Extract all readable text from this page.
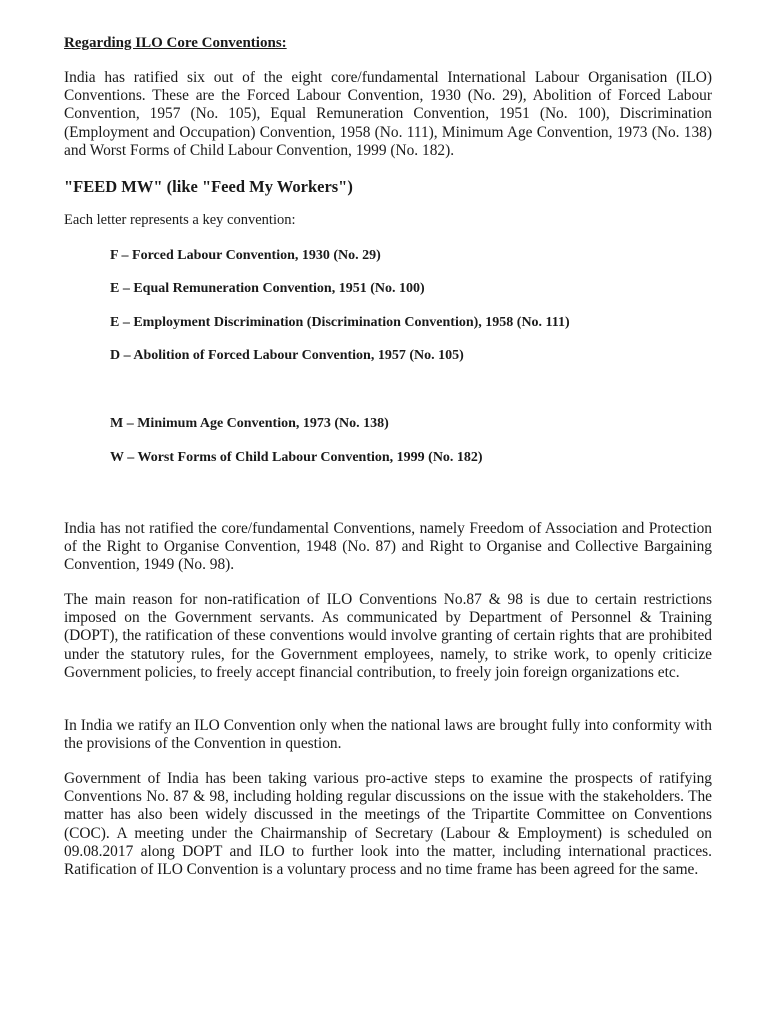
Regarding ILO Core Conventions:

India has ratified six out of the eight core/fundamental International Labour Organisation (ILO) Conventions. These are the Forced Labour Convention, 1930 (No. 29), Abolition of Forced Labour Convention, 1957 (No. 105), Equal Remuneration Convention, 1951 (No. 100), Discrimination (Employment and Occupation) Convention, 1958 (No. 111), Minimum Age Convention, 1973 (No. 138) and Worst Forms of Child Labour Convention, 1999 (No. 182).

"FEED MW" (like "Feed My Workers")
Each letter represents a key convention:
F – Forced Labour Convention, 1930 (No. 29)
E – Equal Remuneration Convention, 1951 (No. 100)
E – Employment Discrimination (Discrimination Convention), 1958 (No. 111)
D – Abolition of Forced Labour Convention, 1957 (No. 105)
M – Minimum Age Convention, 1973 (No. 138)
W – Worst Forms of Child Labour Convention, 1999 (No. 182)

India has not ratified the core/fundamental Conventions, namely Freedom of Association and Protection of the Right to Organise Convention, 1948 (No. 87) and Right to Organise and Collective Bargaining Convention, 1949 (No. 98).

The main reason for non-ratification of ILO Conventions No.87 & 98 is due to certain restrictions imposed on the Government servants. As communicated by Department of Personnel & Training (DOPT), the ratification of these conventions would involve granting of certain rights that are prohibited under the statutory rules, for the Government employees, namely, to strike work, to openly criticize Government policies, to freely accept financial contribution, to freely join foreign organizations etc.

In India we ratify an ILO Convention only when the national laws are brought fully into conformity with the provisions of the Convention in question.

Government of India has been taking various pro-active steps to examine the prospects of ratifying Conventions No. 87 & 98, including holding regular discussions on the issue with the stakeholders. The matter has also been widely discussed in the meetings of the Tripartite Committee on Conventions (COC). A meeting under the Chairmanship of Secretary (Labour & Employment) is scheduled on 09.08.2017 along DOPT and ILO to further look into the matter, including international practices. Ratification of ILO Convention is a voluntary process and no time frame has been agreed for the same.
